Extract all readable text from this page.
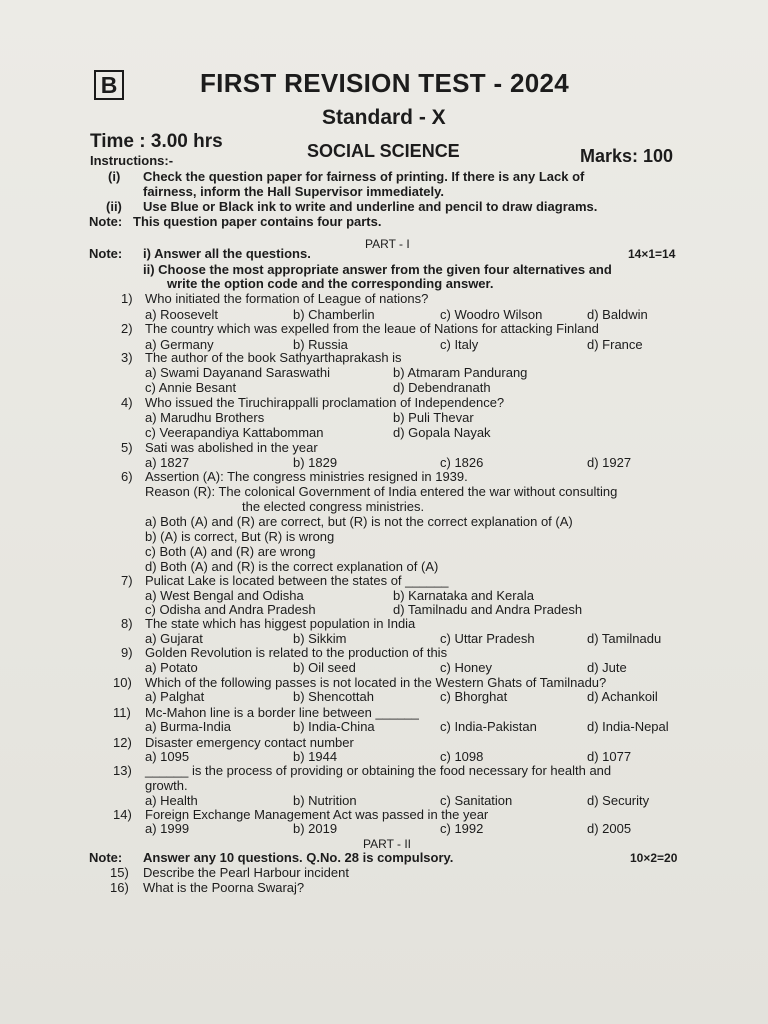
B	FIRST REVISION TEST - 2024
Standard - X
Time : 3.00 hrs	SOCIAL SCIENCE	Marks: 100
Instructions:-
(i) Check the question paper for fairness of printing. If there is any Lack of
fairness, inform the Hall Supervisor immediately.
(ii) Use Blue or Black ink to write and underline and pencil to draw diagrams.
Note: This question paper contains four parts.
PART - I
Note: i) Answer all the questions.	14×1=14
ii) Choose the most appropriate answer from the given four alternatives and
write the option code and the corresponding answer.
1) Who initiated the formation of League of nations?
a) Roosevelt	b) Chamberlin	c) Woodro Wilson	d) Baldwin
2) The country which was expelled from the leaue of Nations for attacking Finland
a) Germany	b) Russia	c) Italy	d) France
3) The author of the book Sathyarthaprakash is
a) Swami Dayanand Saraswathi	b) Atmaram Pandurang
c) Annie Besant	d) Debendranath
4) Who issued the Tiruchirappalli proclamation of Independence?
a) Marudhu Brothers	b) Puli Thevar
c) Veerapandiya Kattabomman	d) Gopala Nayak
5) Sati was abolished in the year
a) 1827	b) 1829	c) 1826	d) 1927
6) Assertion (A): The congress ministries resigned in 1939.
Reason (R): The colonical Government of India entered the war without consulting
the elected congress ministries.
a) Both (A) and (R) are correct, but (R) is not the correct explanation of (A)
b) (A) is correct, But (R) is wrong
c) Both (A) and (R) are wrong
d) Both (A) and (R) is the correct explanation of (A)
7) Pulicat Lake is located between the states of ______
a) West Bengal and Odisha	b) Karnataka and Kerala
c) Odisha and Andra Pradesh	d) Tamilnadu and Andra Pradesh
8) The state which has higgest population in India
a) Gujarat	b) Sikkim	c) Uttar Pradesh	d) Tamilnadu
9) Golden Revolution is related to the production of this
a) Potato	b) Oil seed	c) Honey	d) Jute
10) Which of the following passes is not located in the Western Ghats of Tamilnadu?
a) Palghat	b) Shencottah	c) Bhorghat	d) Achankoil
11) Mc-Mahon line is a border line between ______
a) Burma-India	b) India-China	c) India-Pakistan	d) India-Nepal
12) Disaster emergency contact number
a) 1095	b) 1944	c) 1098	d) 1077
13) ______ is the process of providing or obtaining the food necessary for health and
growth.
a) Health	b) Nutrition	c) Sanitation	d) Security
14) Foreign Exchange Management Act was passed in the year
a) 1999	b) 2019	c) 1992	d) 2005
PART - II
Note: Answer any 10 questions. Q.No. 28 is compulsory.	10×2=20
15) Describe the Pearl Harbour incident
16) What is the Poorna Swaraj?
